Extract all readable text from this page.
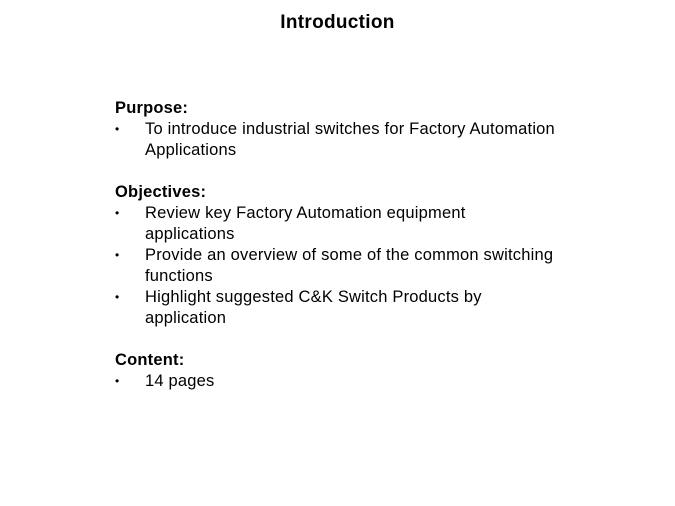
Introduction
Purpose:
•	To introduce industrial switches for Factory Automation Applications
Objectives:
•	Review key Factory Automation equipment applications
•	Provide an overview of some of the common switching functions
•	Highlight suggested C&K Switch Products by application
Content:
•	14 pages
